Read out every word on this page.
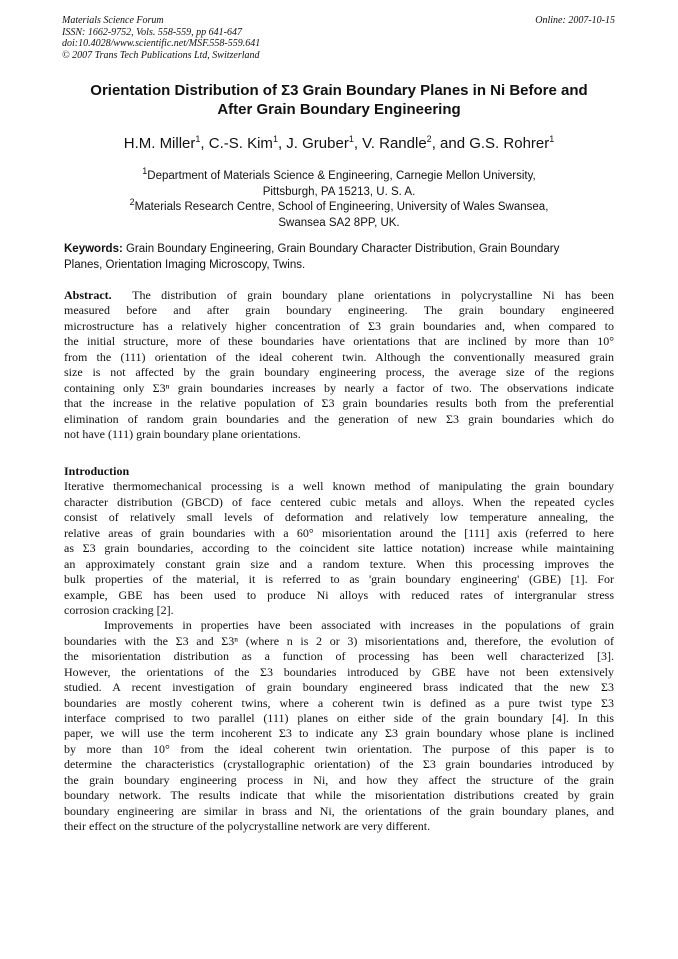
Materials Science Forum
ISSN: 1662-9752, Vols. 558-559, pp 641-647
doi:10.4028/www.scientific.net/MSF.558-559.641
© 2007 Trans Tech Publications Ltd, Switzerland
Online: 2007-10-15
Orientation Distribution of Σ3 Grain Boundary Planes in Ni Before and
After Grain Boundary Engineering
H.M. Miller$^1$, C.-S. Kim$^1$, J. Gruber$^1$, V. Randle$^2$, and G.S. Rohrer$^1$
$^1$Department of Materials Science & Engineering, Carnegie Mellon University,
Pittsburgh, PA 15213, U. S. A.
$^2$Materials Research Centre, School of Engineering, University of Wales Swansea,
Swansea SA2 8PP, UK.
Keywords: Grain Boundary Engineering, Grain Boundary Character Distribution, Grain Boundary
Planes, Orientation Imaging Microscopy, Twins.
Abstract.  The distribution of grain boundary plane orientations in polycrystalline Ni has been
measured before and after grain boundary engineering. The grain boundary engineered
microstructure has a relatively higher concentration of Σ3 grain boundaries and, when compared to
the initial structure, more of these boundaries have orientations that are inclined by more than 10°
from the (111) orientation of the ideal coherent twin. Although the conventionally measured grain
size is not affected by the grain boundary engineering process, the average size of the regions
containing only Σ3ⁿ grain boundaries increases by nearly a factor of two. The observations indicate
that the increase in the relative population of Σ3 grain boundaries results both from the preferential
elimination of random grain boundaries and the generation of new Σ3 grain boundaries which do
not have (111) grain boundary plane orientations.
Introduction
Iterative thermomechanical processing is a well known method of manipulating the grain boundary
character distribution (GBCD) of face centered cubic metals and alloys. When the repeated cycles
consist of relatively small levels of deformation and relatively low temperature annealing, the
relative areas of grain boundaries with a 60° misorientation around the [111] axis (referred to here
as Σ3 grain boundaries, according to the coincident site lattice notation) increase while maintaining
an approximately constant grain size and a random texture. When this processing improves the
bulk properties of the material, it is referred to as 'grain boundary engineering' (GBE) [1]. For
example, GBE has been used to produce Ni alloys with reduced rates of intergranular stress
corrosion cracking [2].
Improvements in properties have been associated with increases in the populations of grain
boundaries with the Σ3 and Σ3ⁿ (where n is 2 or 3) misorientations and, therefore, the evolution of
the misorientation distribution as a function of processing has been well characterized [3].
However, the orientations of the Σ3 boundaries introduced by GBE have not been extensively
studied. A recent investigation of grain boundary engineered brass indicated that the new Σ3
boundaries are mostly coherent twins, where a coherent twin is defined as a pure twist type Σ3
interface comprised to two parallel (111) planes on either side of the grain boundary [4]. In this
paper, we will use the term incoherent Σ3 to indicate any Σ3 grain boundary whose plane is inclined
by more than 10° from the ideal coherent twin orientation. The purpose of this paper is to
determine the characteristics (crystallographic orientation) of the Σ3 grain boundaries introduced by
the grain boundary engineering process in Ni, and how they affect the structure of the grain
boundary network. The results indicate that while the misorientation distributions created by grain
boundary engineering are similar in brass and Ni, the orientations of the grain boundary planes, and
their effect on the structure of the polycrystalline network are very different.
